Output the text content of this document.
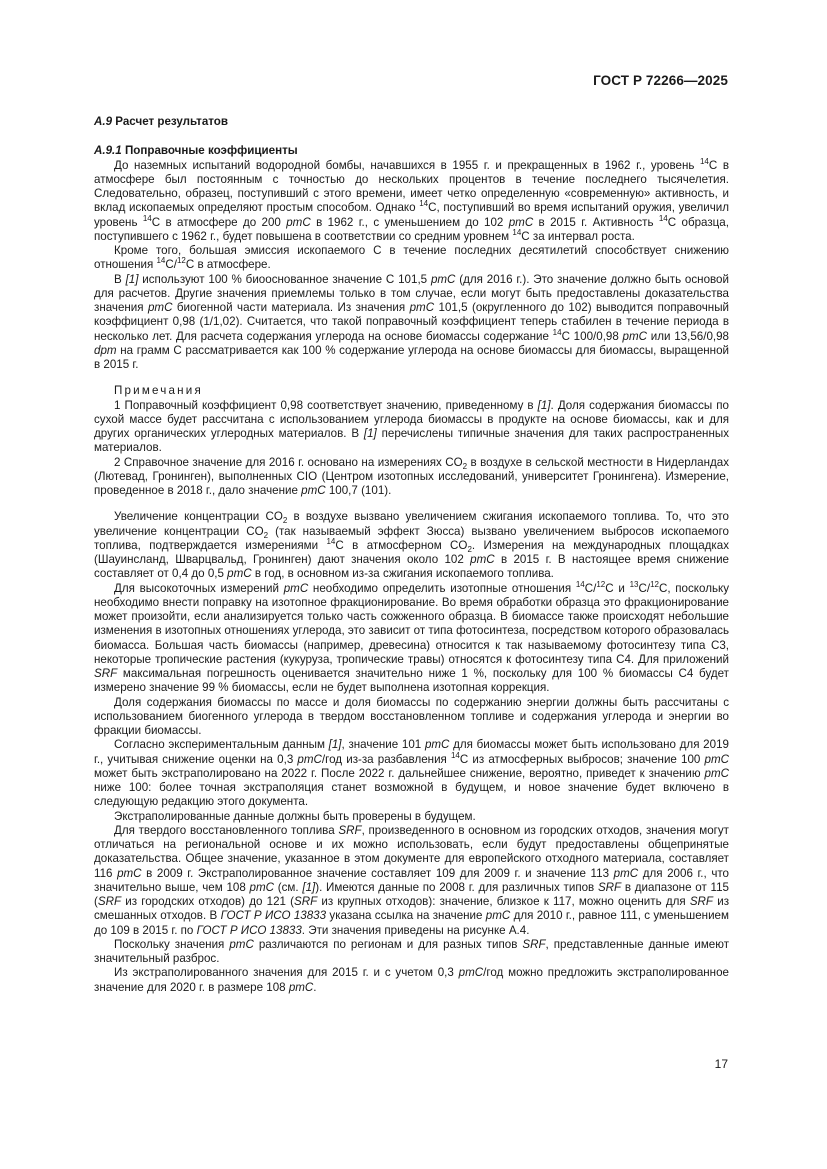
ГОСТ Р 72266—2025

А.9 Расчет результатов

А.9.1 Поправочные коэффициенты

До наземных испытаний водородной бомбы, начавшихся в 1955 г. и прекращенных в 1962 г., уровень $^{14}$С в атмосфере был постоянным с точностью до нескольких процентов в течение последнего тысячелетия. Следовательно, образец, поступивший с этого времени, имеет четко определенную «современную» активность, и вклад ископаемых определяют простым способом. Однако $^{14}$С, поступивший во время испытаний оружия, увеличил уровень $^{14}$С в атмосфере до 200 pmC в 1962 г., с уменьшением до 102 pmC в 2015 г. Активность $^{14}$С образца, поступившего с 1962 г., будет повышена в соответствии со средним уровнем $^{14}$С за интервал роста.

Кроме того, большая эмиссия ископаемого С в течение последних десятилетий способствует снижению отношения $^{14}$С/$^{12}$С в атмосфере.

В [1] используют 100 % биооснованное значение С 101,5 pmC (для 2016 г.). Это значение должно быть основой для расчетов. Другие значения приемлемы только в том случае, если могут быть предоставлены доказательства значения pmC биогенной части материала. Из значения pmC 101,5 (округленного до 102) выводится поправочный коэффициент 0,98 (1/1,02). Считается, что такой поправочный коэффициент теперь стабилен в течение периода в несколько лет. Для расчета содержания углерода на основе биомассы содержание $^{14}$С 100/0,98 pmC или 13,56/0,98 dpm на грамм С рассматривается как 100 % содержание углерода на основе биомассы для биомассы, выращенной в 2015 г.

Примечания

1 Поправочный коэффициент 0,98 соответствует значению, приведенному в [1]. Доля содержания биомассы по сухой массе будет рассчитана с использованием углерода биомассы в продукте на основе биомассы, как и для других органических углеродных материалов. В [1] перечислены типичные значения для таких распространенных материалов.

2 Справочное значение для 2016 г. основано на измерениях $CO_2$ в воздухе в сельской местности в Нидерландах (Лютевад, Гронинген), выполненных CIO (Центром изотопных исследований, университет Гронингена). Измерение, проведенное в 2018 г., дало значение pmC 100,7 (101).

Увеличение концентрации $CO_2$ в воздухе вызвано увеличением сжигания ископаемого топлива. То, что это увеличение концентрации $CO_2$ (так называемый эффект Зюсса) вызвано увеличением выбросов ископаемого топлива, подтверждается измерениями $^{14}$С в атмосферном $CO_2$. Измерения на международных площадках (Шауинсланд, Шварцвальд, Гронинген) дают значения около 102 pmC в 2015 г. В настоящее время снижение составляет от 0,4 до 0,5 pmC в год, в основном из-за сжигания ископаемого топлива.

Для высокоточных измерений pmC необходимо определить изотопные отношения $^{14}$С/$^{12}$С и $^{13}$С/$^{12}$С, поскольку необходимо внести поправку на изотопное фракционирование. Во время обработки образца это фракционирование может произойти, если анализируется только часть сожженного образца. В биомассе также происходят небольшие изменения в изотопных отношениях углерода, это зависит от типа фотосинтеза, посредством которого образовалась биомасса. Большая часть биомассы (например, древесина) относится к так называемому фотосинтезу типа С3, некоторые тропические растения (кукуруза, тропические травы) относятся к фотосинтезу типа С4. Для приложений SRF максимальная погрешность оценивается значительно ниже 1 %, поскольку для 100 % биомассы С4 будет измерено значение 99 % биомассы, если не будет выполнена изотопная коррекция.

Доля содержания биомассы по массе и доля биомассы по содержанию энергии должны быть рассчитаны с использованием биогенного углерода в твердом восстановленном топливе и содержания углерода и энергии во фракции биомассы.

Согласно экспериментальным данным [1], значение 101 pmC для биомассы может быть использовано для 2019 г., учитывая снижение оценки на 0,3 pmC/год из-за разбавления $^{14}$С из атмосферных выбросов; значение 100 pmC может быть экстраполировано на 2022 г. После 2022 г. дальнейшее снижение, вероятно, приведет к значению pmC ниже 100: более точная экстраполяция станет возможной в будущем, и новое значение будет включено в следующую редакцию этого документа.

Экстраполированные данные должны быть проверены в будущем.

Для твердого восстановленного топлива SRF, произведенного в основном из городских отходов, значения могут отличаться на региональной основе и их можно использовать, если будут предоставлены общепринятые доказательства. Общее значение, указанное в этом документе для европейского отходного материала, составляет 116 pmC в 2009 г. Экстраполированное значение составляет 109 для 2009 г. и значение 113 pmC для 2006 г., что значительно выше, чем 108 pmC (см. [1]). Имеются данные по 2008 г. для различных типов SRF в диапазоне от 115 (SRF из городских отходов) до 121 (SRF из крупных отходов): значение, близкое к 117, можно оценить для SRF из смешанных отходов. В ГОСТ Р ИСО 13833 указана ссылка на значение pmC для 2010 г., равное 111, с уменьшением до 109 в 2015 г. по ГОСТ Р ИСО 13833. Эти значения приведены на рисунке А.4.

Поскольку значения pmC различаются по регионам и для разных типов SRF, представленные данные имеют значительный разброс.

Из экстраполированного значения для 2015 г. и с учетом 0,3 pmC/год можно предложить экстраполированное значение для 2020 г. в размере 108 pmC.

17
